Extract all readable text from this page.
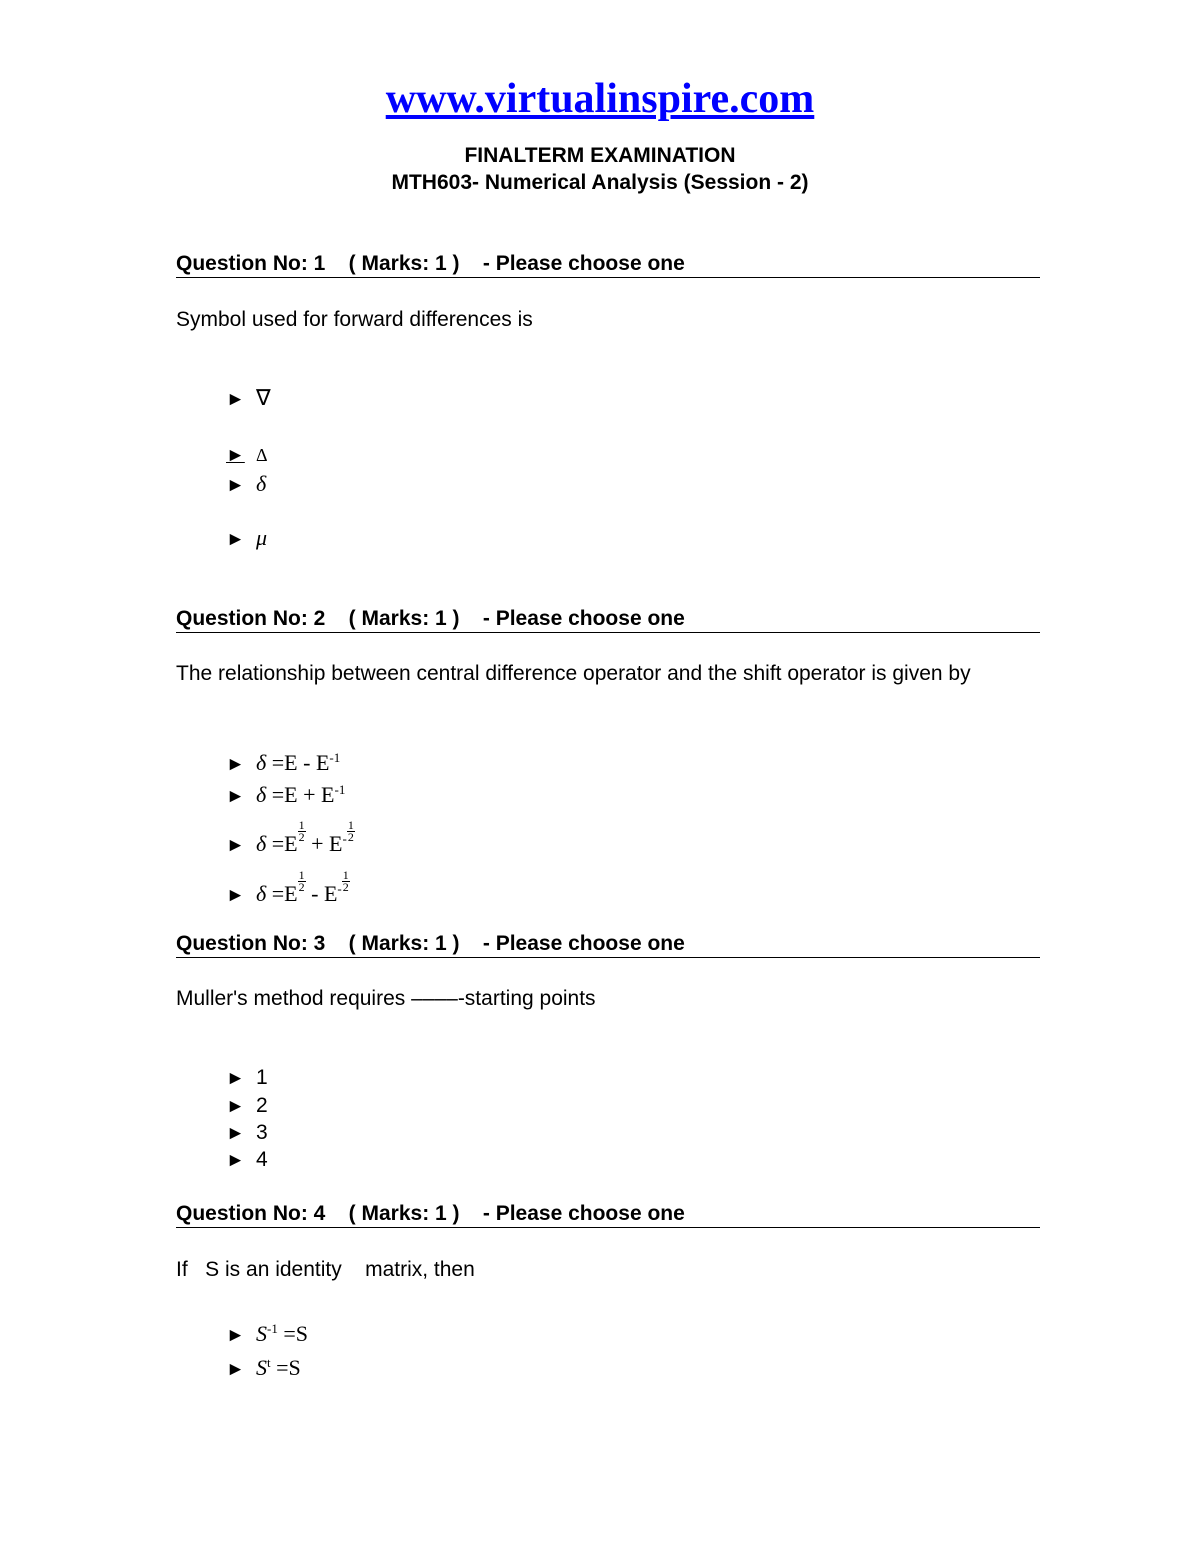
www.virtualinspire.com
FINALTERM EXAMINATION
MTH603- Numerical Analysis (Session - 2)
Question No: 1    ( Marks: 1 )    - Please choose one
Symbol used for forward differences is
► ∇
► Δ
► δ
► μ
Question No: 2    ( Marks: 1 )    - Please choose one
The relationship between central difference operator and the shift operator is given by
► $\delta =E - E^{-1}$
► $\delta =E + E^{-1}$
► $\delta =E \frac{1}{2} + E^- \frac{1}{2}$
► $\delta =E \frac{1}{2} - E^- \frac{1}{2}$
Question No: 3    ( Marks: 1 )    - Please choose one
Muller's method requires ––––-starting points
► 1
► 2
► 3
► 4
Question No: 4    ( Marks: 1 )    - Please choose one
If   S is an identity    matrix, then
► $S^{-1} =S$
► $S^t =S$
